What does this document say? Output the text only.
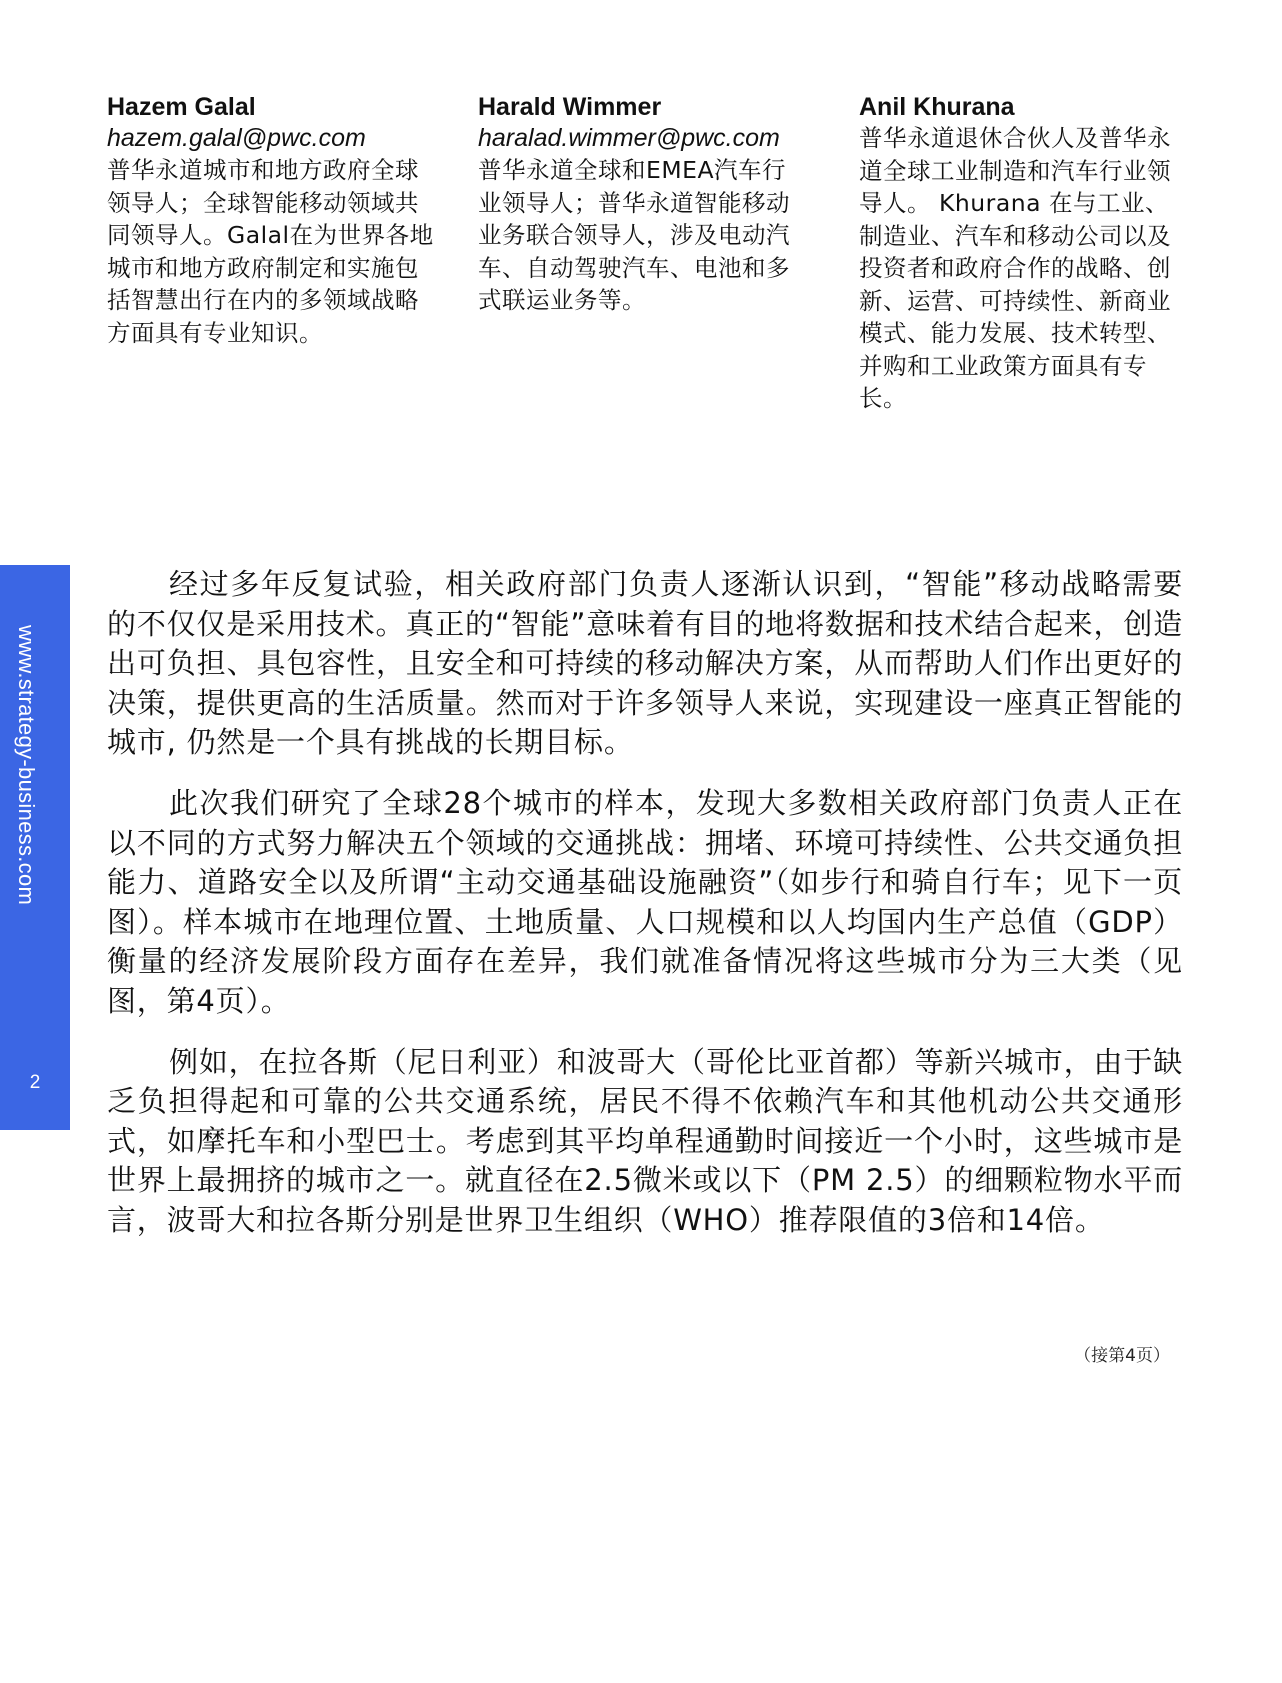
Hazem Galal

hazem.galal@pwc.com

普华永道城市和地方政府全球领导人；全球智能移动领域共同领导人。Galal在为世界各地城市和地方政府制定和实施包括智慧出行在内的多领域战略方面具有专业知识。

Harald Wimmer

haralad.wimmer@pwc.com

普华永道全球和EMEA汽车行业领导人；普华永道智能移动业务联合领导人，涉及电动汽车、自动驾驶汽车、电池和多式联运业务等。

Anil Khurana

普华永道退休合伙人及普华永道全球工业制造和汽车行业领导人。 Khurana 在与工业、制造业、汽车和移动公司以及投资者和政府合作的战略、创新、运营、可持续性、新商业模式、能力发展、技术转型、并购和工业政策方面具有专长。

www.strategy-business.com
2

经过多年反复试验，相关政府部门负责人逐渐认识到，“智能”移动战略需要的不仅仅是采用技术。真正的“智能”意味着有目的地将数据和技术结合起来，创造出可负担、具包容性，且安全和可持续的移动解决方案，从而帮助人们作出更好的决策，提供更高的生活质量。然而对于许多领导人来说，实现建设一座真正智能的城市, 仍然是一个具有挑战的长期目标。

此次我们研究了全球28个城市的样本，发现大多数相关政府部门负责人正在以不同的方式努力解决五个领域的交通挑战：拥堵、环境可持续性、公共交通负担能力、道路安全以及所谓“主动交通基础设施融资”（如步行和骑自行车；见下一页图）。样本城市在地理位置、土地质量、人口规模和以人均国内生产总值（GDP）衡量的经济发展阶段方面存在差异，我们就准备情况将这些城市分为三大类（见图，第4页）。

例如，在拉各斯（尼日利亚）和波哥大（哥伦比亚首都）等新兴城市，由于缺乏负担得起和可靠的公共交通系统，居民不得不依赖汽车和其他机动公共交通形式，如摩托车和小型巴士。考虑到其平均单程通勤时间接近一个小时，这些城市是世界上最拥挤的城市之一。就直径在2.5微米或以下（PM 2.5）的细颗粒物水平而言，波哥大和拉各斯分别是世界卫生组织（WHO）推荐限值的3倍和14倍。

（接第4页）
